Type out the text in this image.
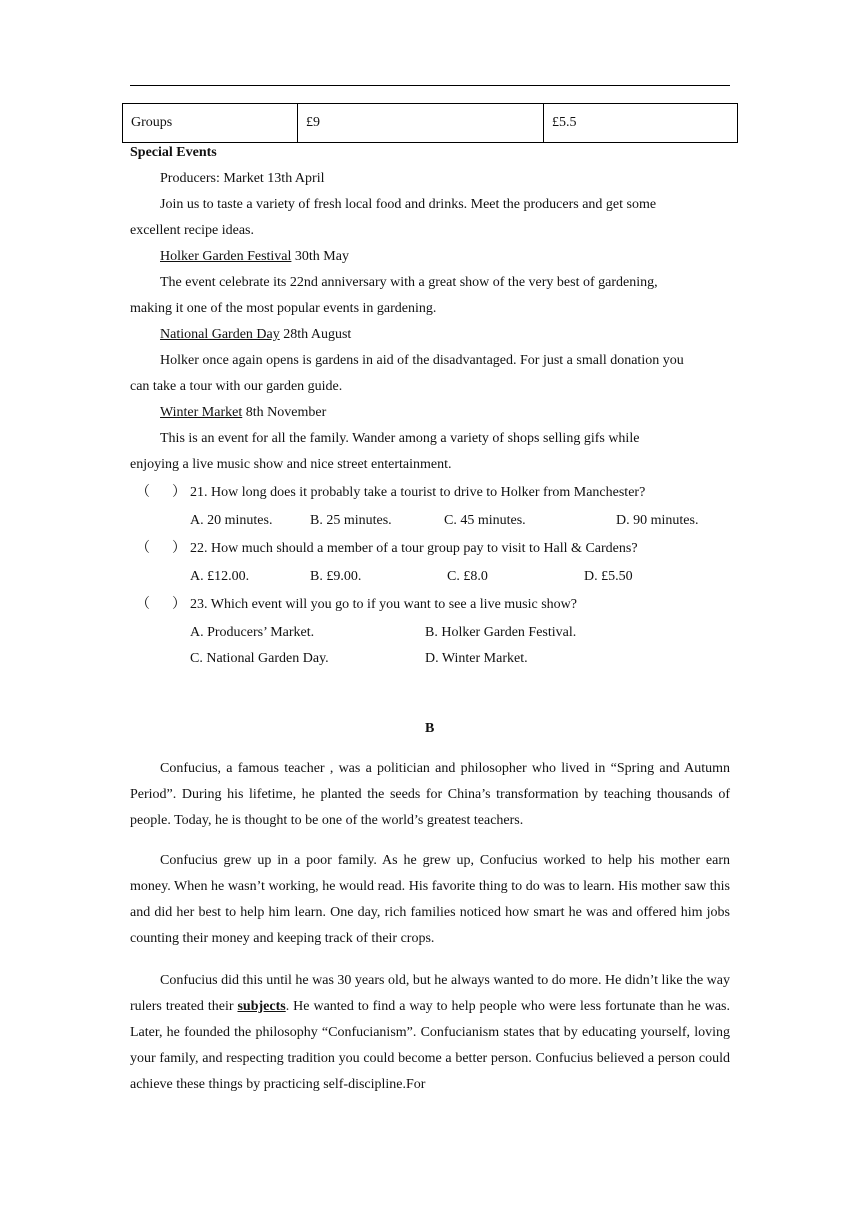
Groups	£9	£5.5
Special Events
Producers: Market 13th April
Join us to taste a variety of fresh local food and drinks. Meet the producers and get some
excellent recipe ideas.
Holker Garden Festival 30th May
The event celebrate its 22nd anniversary with a great show of the very best of gardening,
making it one of the most popular events in gardening.
National Garden Day 28th August
Holker once again opens is gardens in aid of the disadvantaged. For just a small donation you
can take a tour with our garden guide.
Winter Market 8th November
This is an event for all the family. Wander among a variety of shops selling gifs while
enjoying a live music show and nice street entertainment.
（ ） 21. How long does it probably take a tourist to drive to Holker from Manchester?
A. 20 minutes.	B. 25 minutes.	C. 45 minutes.	D. 90 minutes.
（ ） 22. How much should a member of a tour group pay to visit to Hall & Cardens?
A. £12.00.	B. £9.00.	C. £8.0	D. £5.50
（ ） 23. Which event will you go to if you want to see a live music show?
A. Producers’ Market.	B. Holker Garden Festival.
C. National Garden Day.	D. Winter Market.
B

Confucius, a famous teacher , was a politician and philosopher who lived in “Spring and Autumn Period”. During his lifetime, he planted the seeds for China’s transformation by teaching thousands of people. Today, he is thought to be one of the world’s greatest teachers.

Confucius grew up in a poor family. As he grew up, Confucius worked to help his mother earn money. When he wasn’t working, he would read. His favorite thing to do was to learn. His mother saw this and did her best to help him learn. One day, rich families noticed how smart he was and offered him jobs counting their money and keeping track of their crops.

Confucius did this until he was 30 years old, but he always wanted to do more. He didn’t like the way rulers treated their subjects. He wanted to find a way to help people who were less fortunate than he was. Later, he founded the philosophy “Confucianism”. Confucianism states that by educating yourself, loving your family, and respecting tradition you could become a better person. Confucius believed a person could achieve these things by practicing self-discipline.For
